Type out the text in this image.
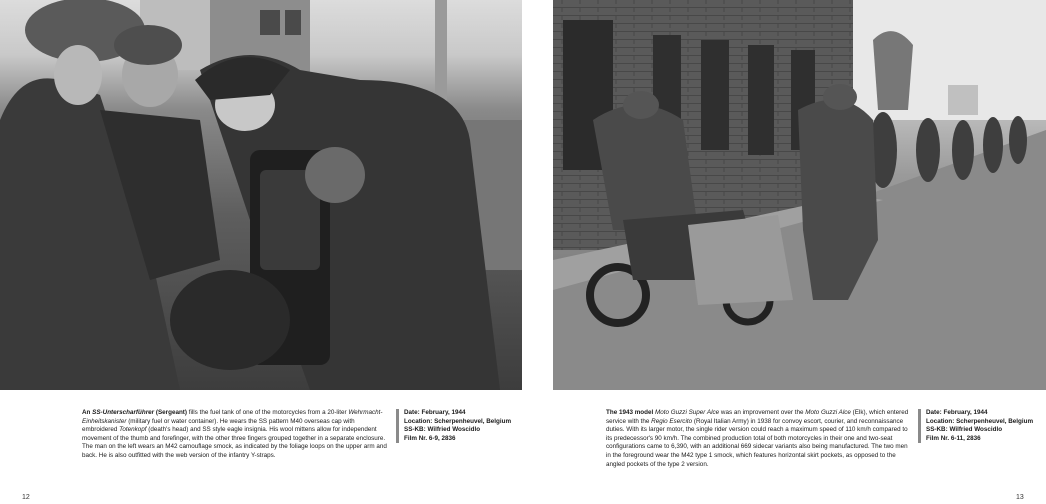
An SS-Unterscharführer (Sergeant) fills the fuel tank of one of the motorcycles from a 20-liter Wehrmacht-Einheitskanister (military fuel or water container). He wears the SS pattern M40 overseas cap with embroidered Totenkopf (death's head) and SS style eagle insignia. His wool mittens allow for independent movement of the thumb and forefinger, with the other three fingers grouped together in a separate enclosure. The man on the left wears an M42 camouflage smock, as indicated by the foliage loops on the upper arm and back. He is also outfitted with the web version of the infantry Y-straps.
Date: February, 1944
Location: Scherpenheuvel, Belgium
SS-KB: Wilfried Woscidlo
Film Nr. 6-9, 2836
12
The 1943 model Moto Guzzi Super Alce was an improvement over the Moto Guzzi Alce (Elk), which entered service with the Regio Esercito (Royal Italian Army) in 1938 for convoy escort, courier, and reconnaissance duties. With its larger motor, the single rider version could reach a maximum speed of 110 km/h compared to its predecessor's 90 km/h. The combined production total of both motorcycles in their one and two-seat configurations came to 6,390, with an additional 669 sidecar variants also being manufactured. The two men in the foreground wear the M42 type 1 smock, which features horizontal skirt pockets, as opposed to the angled pockets of the type 2 version.
Date: February, 1944
Location: Scherpenheuvel, Belgium
SS-KB: Wilfried Woscidlo
Film Nr. 6-11, 2836
13
